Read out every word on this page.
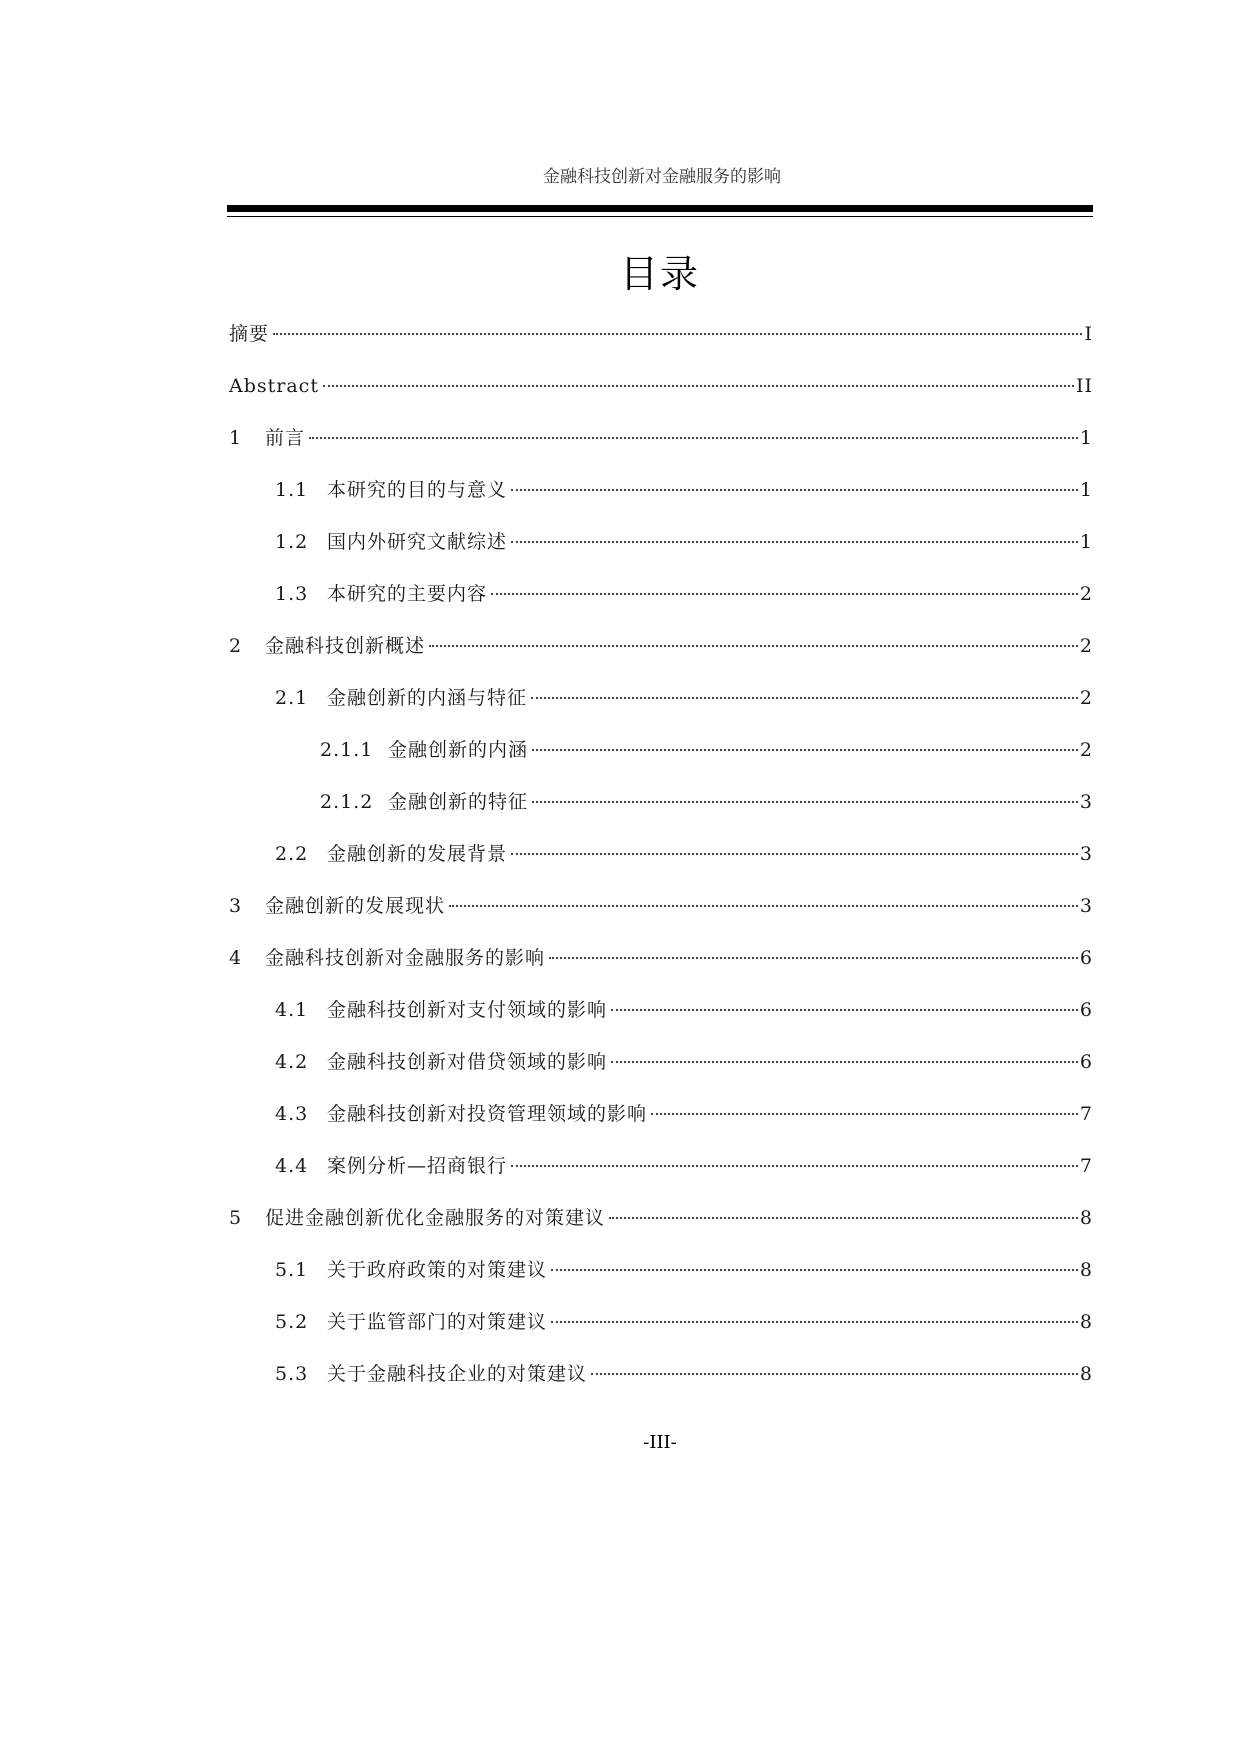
金融科技创新对金融服务的影响
目录
摘要	I
Abstract	II
1	前言	1
1.1 本研究的目的与意义	1
1.2 国内外研究文献综述	1
1.3 本研究的主要内容	2
2	金融科技创新概述	2
2.1 金融创新的内涵与特征	2
2.1.1 金融创新的内涵	2
2.1.2 金融创新的特征	3
2.2 金融创新的发展背景	3
3	金融创新的发展现状	3
4	金融科技创新对金融服务的影响	6
4.1 金融科技创新对支付领域的影响	6
4.2 金融科技创新对借贷领域的影响	6
4.3 金融科技创新对投资管理领域的影响	7
4.4 案例分析—招商银行	7
5	促进金融创新优化金融服务的对策建议	8
5.1 关于政府政策的对策建议	8
5.2 关于监管部门的对策建议	8
5.3 关于金融科技企业的对策建议	8
-III-
